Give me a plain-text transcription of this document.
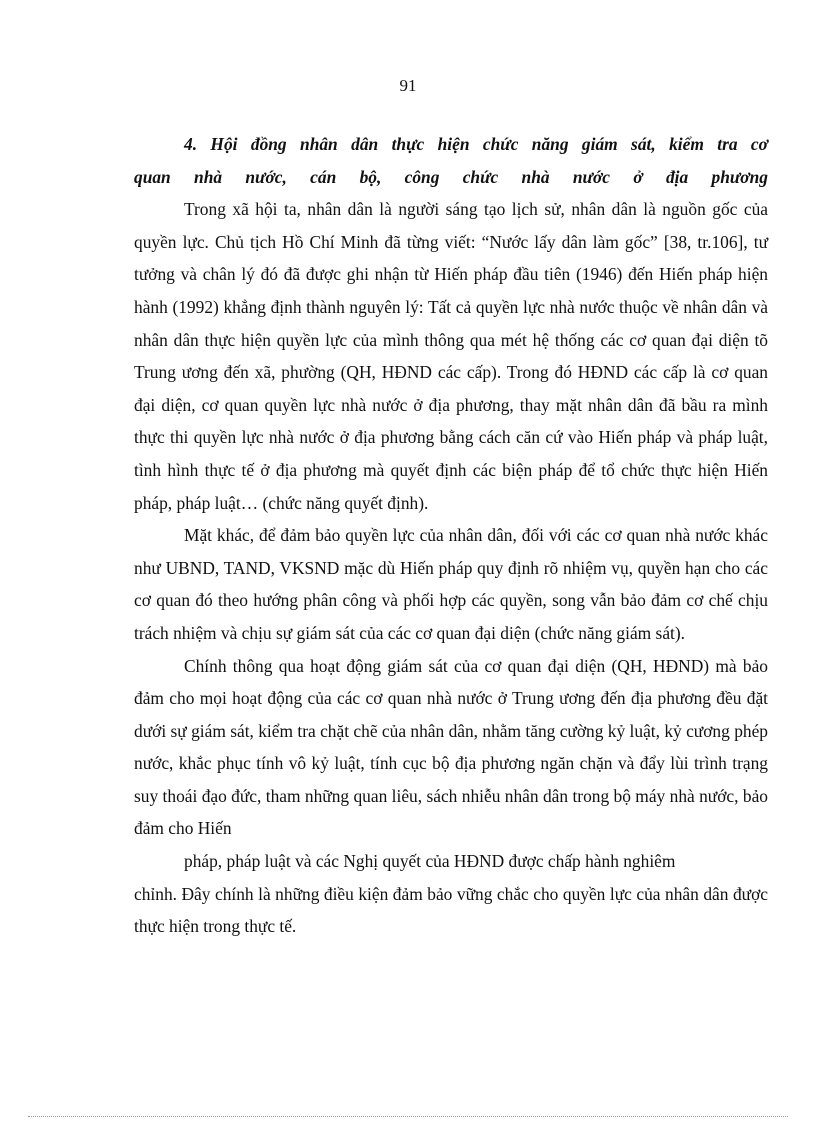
91

4. Hội đồng nhân dân thực hiện chức năng giám sát, kiểm tra cơ

quan nhà nước, cán bộ, công chức nhà nước ở địa phương

Trong xã hội ta, nhân dân là người sáng tạo lịch sử, nhân dân là nguồn gốc của quyền lực. Chủ tịch Hồ Chí Minh đã từng viết: “Nước lấy dân làm gốc” [38, tr.106], tư tưởng và chân lý đó đã được ghi nhận từ Hiến pháp đầu tiên (1946) đến Hiến pháp hiện hành (1992) khẳng định thành nguyên lý: Tất cả quyền lực nhà nước thuộc về nhân dân và nhân dân thực hiện quyền lực của mình thông qua mét hệ thống các cơ quan đại diện tõ Trung ương đến xã, phường (QH, HĐND các cấp). Trong đó HĐND các cấp là cơ quan đại diện, cơ quan quyền lực nhà nước ở địa phương, thay mặt nhân dân đã bầu ra mình thực thi quyền lực nhà nước ở địa phương bằng cách căn cứ vào Hiến pháp và pháp luật, tình hình thực tế ở địa phương mà quyết định các biện pháp để tổ chức thực hiện Hiến pháp, pháp luật… (chức năng quyết định).

Mặt khác, để đảm bảo quyền lực của nhân dân, đối với các cơ quan nhà nước khác như UBND, TAND, VKSND mặc dù Hiến pháp quy định rõ nhiệm vụ, quyền hạn cho các cơ quan đó theo hướng phân công và phối hợp các quyền, song vẫn bảo đảm cơ chế chịu trách nhiệm và chịu sự giám sát của các cơ quan đại diện (chức năng giám sát).

Chính thông qua hoạt động giám sát của cơ quan đại diện (QH, HĐND) mà bảo đảm cho mọi hoạt động của các cơ quan nhà nước ở Trung ương đến địa phương đều đặt dưới sự giám sát, kiểm tra chặt chẽ của nhân dân, nhằm tăng cường kỷ luật, kỷ cương phép nước, khắc phục tính vô kỷ luật, tính cục bộ địa phương ngăn chặn và đẩy lùi trình trạng suy thoái đạo đức, tham những quan liêu, sách nhiễu nhân dân trong bộ máy nhà nước, bảo đảm cho Hiến

pháp, pháp luật và các Nghị quyết của HĐND được chấp hành nghiêm

chỉnh. Đây chính là những điều kiện đảm bảo vững chắc cho quyền lực của nhân dân được thực hiện trong thực tế.
